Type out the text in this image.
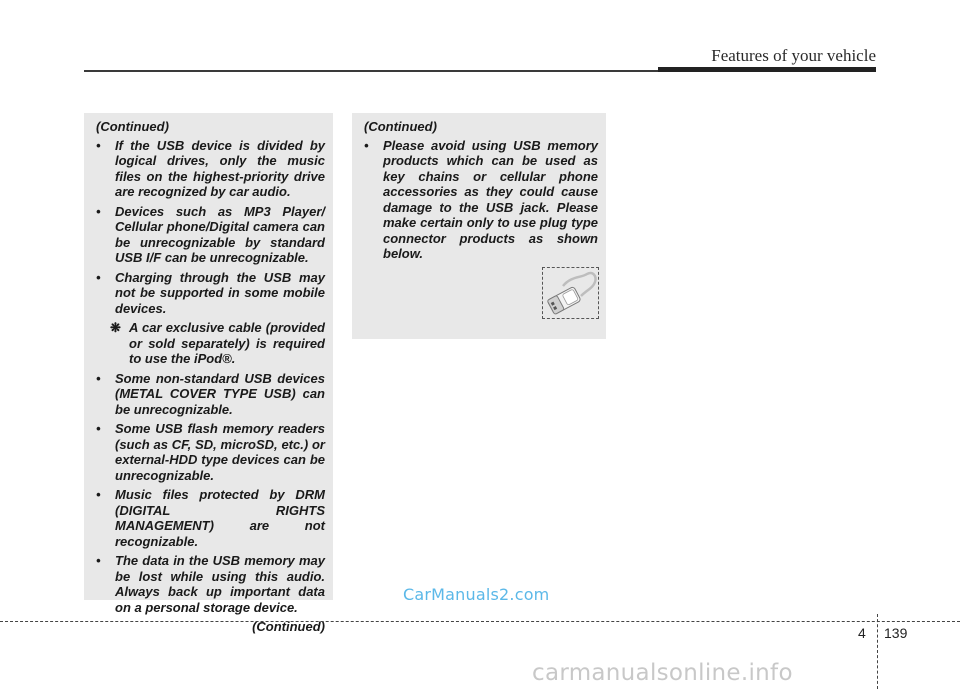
Features of your vehicle
(Continued)
• If the USB device is divided by logical drives, only the music files on the highest-priority drive are recognized by car audio.
• Devices such as MP3 Player/ Cellular phone/Digital camera can be unrecognizable by standard USB I/F can be unrecognizable.
• Charging through the USB may not be supported in some mobile devices.
❋ A car exclusive cable (provided or sold separately) is required to use the iPod®.
• Some non-standard USB devices (METAL COVER TYPE USB) can be unrecognizable.
• Some USB flash memory readers (such as CF, SD, microSD, etc.) or external-HDD type devices can be unrecognizable.
• Music files protected by DRM (DIGITAL RIGHTS MANAGEMENT) are not recognizable.
• The data in the USB memory may be lost while using this audio. Always back up important data on a personal storage device.
(Continued)
(Continued)
• Please avoid using USB memory products which can be used as key chains or cellular phone accessories as they could cause damage to the USB jack. Please make certain only to use plug type connector products as shown below.
CarManuals2.com
4 139
carmanualsonline.info
